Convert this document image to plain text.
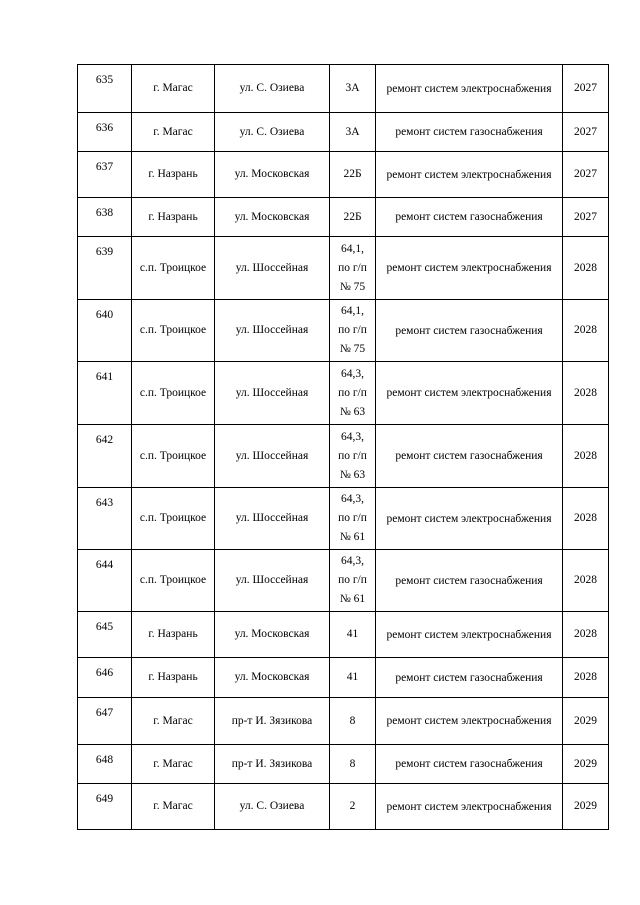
635	г. Магас	ул. С. Озиева	3А	ремонт систем электроснабжения	2027
636	г. Магас	ул. С. Озиева	3А	ремонт систем газоснабжения	2027
637	г. Назрань	ул. Московская	22Б	ремонт систем электроснабжения	2027
638	г. Назрань	ул. Московская	22Б	ремонт систем газоснабжения	2027
639	с.п. Троицкое	ул. Шоссейная	64,1,
по г/п
№ 75	ремонт систем электроснабжения	2028
640	с.п. Троицкое	ул. Шоссейная	64,1,
по г/п
№ 75	ремонт систем газоснабжения	2028
641	с.п. Троицкое	ул. Шоссейная	64,3,
по г/п
№ 63	ремонт систем электроснабжения	2028
642	с.п. Троицкое	ул. Шоссейная	64,3,
по г/п
№ 63	ремонт систем газоснабжения	2028
643	с.п. Троицкое	ул. Шоссейная	64,3,
по г/п
№ 61	ремонт систем электроснабжения	2028
644	с.п. Троицкое	ул. Шоссейная	64,3,
по г/п
№ 61	ремонт систем газоснабжения	2028
645	г. Назрань	ул. Московская	41	ремонт систем электроснабжения	2028
646	г. Назрань	ул. Московская	41	ремонт систем газоснабжения	2028
647	г. Магас	пр-т И. Зязикова	8	ремонт систем электроснабжения	2029
648	г. Магас	пр-т И. Зязикова	8	ремонт систем газоснабжения	2029
649	г. Магас	ул. С. Озиева	2	ремонт систем электроснабжения	2029
